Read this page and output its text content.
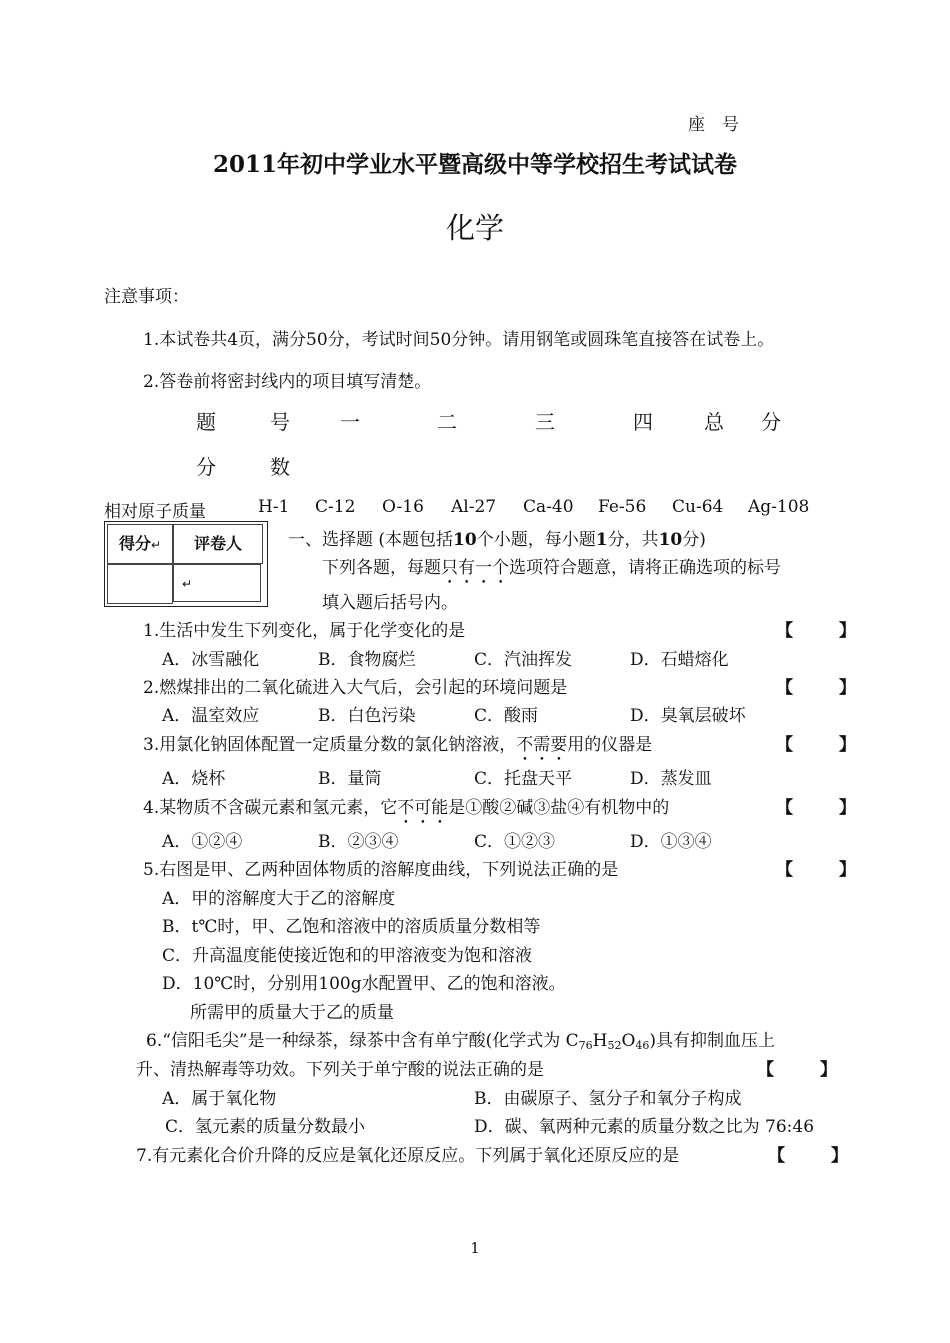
座　号
2011年初中学业水平暨高级中等学校招生考试试卷
化学
注意事项：
1.本试卷共4页，满分50分，考试时间50分钟。请用钢笔或圆珠笔直接答在试卷上。
2.答卷前将密封线内的项目填写清楚。
题	号	一	二	三	四	总 分
分	数
相对原子质量	H-1 C-12 O-16 Al-27 Ca-40 Fe-56 Cu-64 Ag-108
得分↵	评卷人
↵
一、选择题 (本题包括10个小题，每小题1分，共10分)
下列各题，每题只有一个选项符合题意，请将正确选项的标号
填入题后括号内。
1.生活中发生下列变化，属于化学变化的是	【	】
A．冰雪融化	B．食物腐烂	C．汽油挥发	D．石蜡熔化
2.燃煤排出的二氧化硫进入大气后，会引起的环境问题是	【	】
A．温室效应	B．白色污染	C．酸雨	D．臭氧层破坏
3.用氯化钠固体配置一定质量分数的氯化钠溶液，不需要用的仪器是	【	】
A．烧杯	B．量筒	C．托盘天平	D．蒸发皿
4.某物质不含碳元素和氢元素，它不可能是①酸②碱③盐④有机物中的	【	】
A．①②④	B．②③④	C．①②③	D．①③④
5.右图是甲、乙两种固体物质的溶解度曲线，下列说法正确的是	【	】
A．甲的溶解度大于乙的溶解度
B．t℃时，甲、乙饱和溶液中的溶质质量分数相等
C．升高温度能使接近饱和的甲溶液变为饱和溶液
D．10℃时，分别用100g水配置甲、乙的饱和溶液。
所需甲的质量大于乙的质量
6.“信阳毛尖”是一种绿茶，绿茶中含有单宁酸(化学式为 $C_{76}H_{52}O_{46}$)具有抑制血压上
升、清热解毒等功效。下列关于单宁酸的说法正确的是	【	】
A．属于氧化物	B．由碳原子、氢分子和氧分子构成
C．氢元素的质量分数最小	D．碳、氧两种元素的质量分数之比为 76:46
7.有元素化合价升降的反应是氧化还原反应。下列属于氧化还原反应的是	【	】
1
